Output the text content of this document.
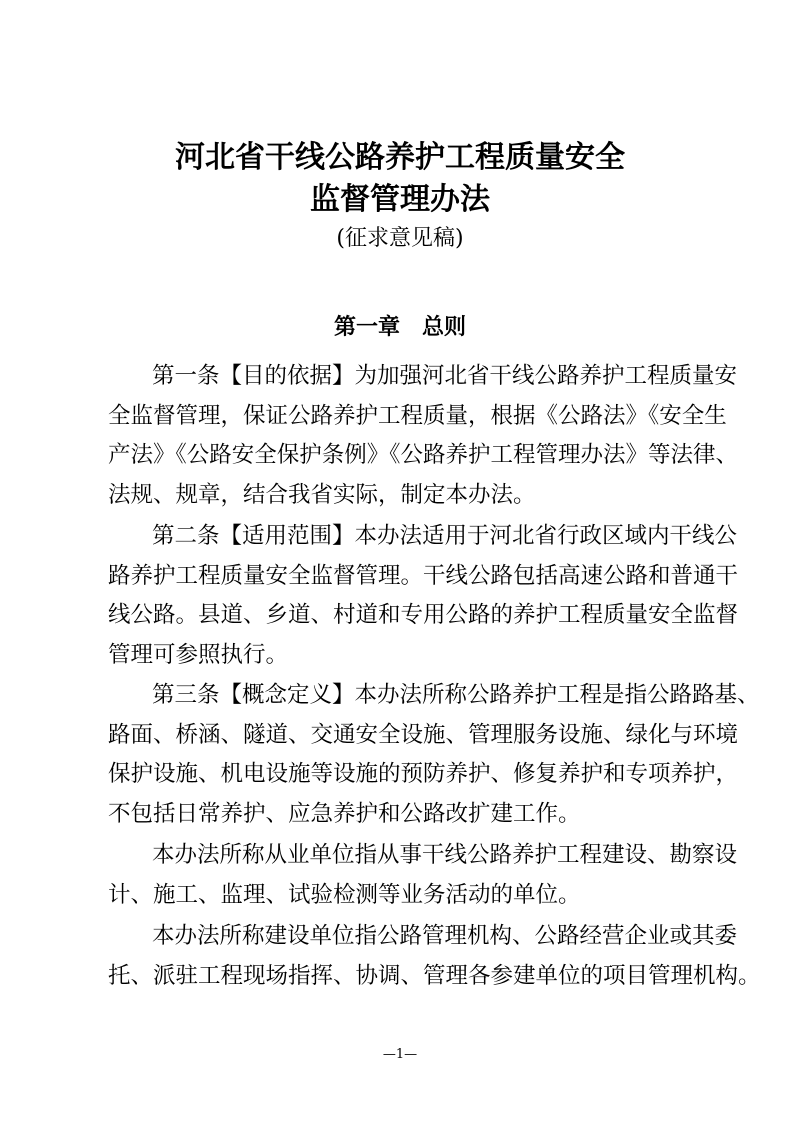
河北省干线公路养护工程质量安全
监督管理办法
(征求意见稿)
第一章 总则
第一条【目的依据】为加强河北省干线公路养护工程质量安
全监督管理，保证公路养护工程质量，根据《公路法》《安全生
产法》《公路安全保护条例》《公路养护工程管理办法》等法律、
法规、规章，结合我省实际，制定本办法。
第二条【适用范围】本办法适用于河北省行政区域内干线公
路养护工程质量安全监督管理。干线公路包括高速公路和普通干
线公路。县道、乡道、村道和专用公路的养护工程质量安全监督
管理可参照执行。
第三条【概念定义】本办法所称公路养护工程是指公路路基、
路面、桥涵、隧道、交通安全设施、管理服务设施、绿化与环境
保护设施、机电设施等设施的预防养护、修复养护和专项养护，
不包括日常养护、应急养护和公路改扩建工作。
本办法所称从业单位指从事干线公路养护工程建设、勘察设
计、施工、监理、试验检测等业务活动的单位。
本办法所称建设单位指公路管理机构、公路经营企业或其委
托、派驻工程现场指挥、协调、管理各参建单位的项目管理机构。
—1—
